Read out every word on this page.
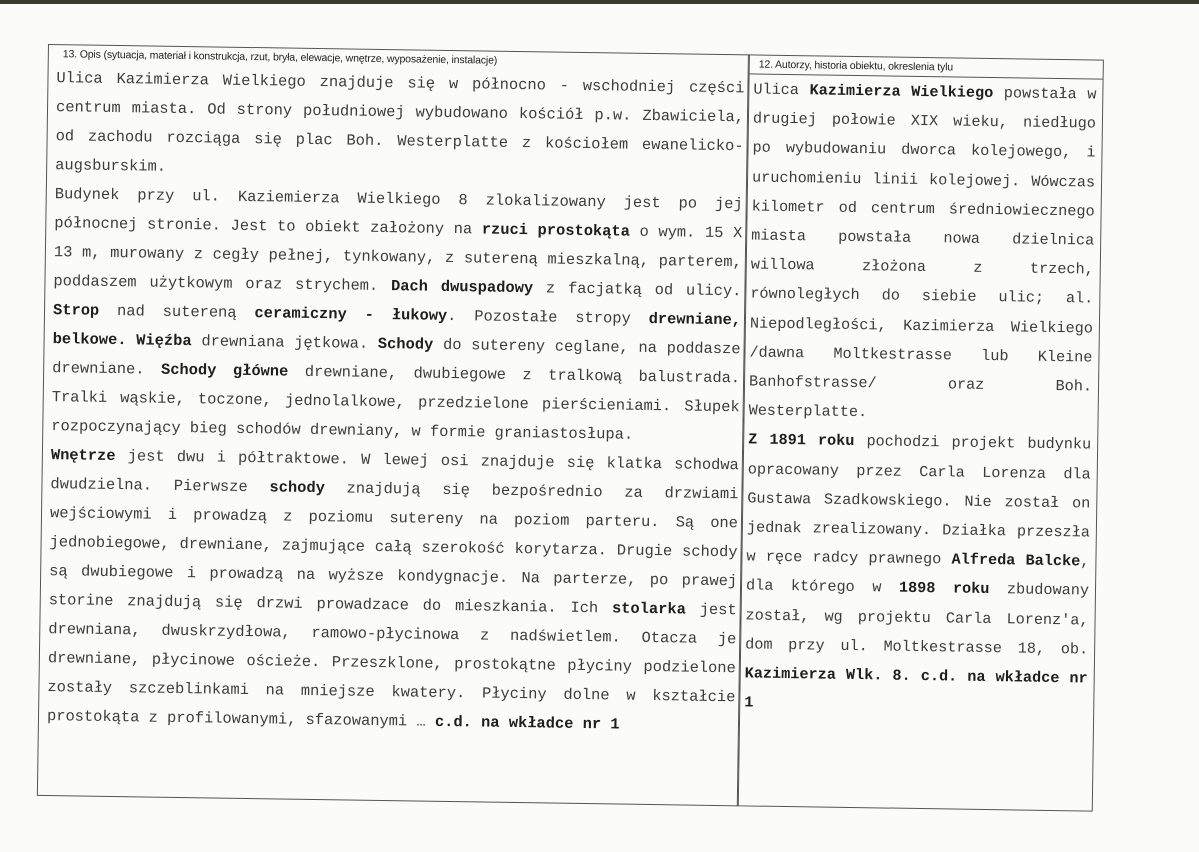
13. Opis (sytuacja, materiał i konstrukcja, rzut, bryła, elewacje, wnętrze, wyposażenie, instalacje)

Ulica Kazimierza Wielkiego znajduje się w północno - wschodniej części centrum miasta. Od strony południowej wybudowano kościół p.w. Zbawiciela, od zachodu rozciąga się plac Boh. Westerplatte z kościołem ewanelicko-augsburskim.

Budynek przy ul. Kaziemierza Wielkiego 8 zlokalizowany jest po jej północnej stronie. Jest to obiekt założony na rzuci prostokąta o wym. 15 X 13 m, murowany z cegły pełnej, tynkowany, z sutereną mieszkalną, parterem, poddaszem użytkowym oraz strychem. Dach dwuspadowy z facjatką od ulicy. Strop nad sutereną ceramiczny - łukowy. Pozostałe stropy drewniane, belkowe. Więźba drewniana jętkowa. Schody do sutereny ceglane, na poddasze drewniane. Schody główne drewniane, dwubiegowe z tralkową balustrada. Tralki wąskie, toczone, jednolalkowe, przedzielone pierścieniami. Słupek rozpoczynający bieg schodów drewniany, w formie graniastosłupa.

Wnętrze jest dwu i półtraktowe. W lewej osi znajduje się klatka schodwa dwudzielna. Pierwsze schody znajdują się bezpośrednio za drzwiami wejściowymi i prowadzą z poziomu sutereny na poziom parteru. Są one jednobiegowe, drewniane, zajmujące całą szerokość korytarza. Drugie schody są dwubiegowe i prowadzą na wyższe kondygnacje. Na parterze, po prawej storine znajdują się drzwi prowadzace do mieszkania. Ich stolarka jest drewniana, dwuskrzydłowa, ramowo-płycinowa z nadświetlem. Otacza je drewniane, płycinowe ościeże. Przeszklone, prostokątne płyciny podzielone zostały szczeblinkami na mniejsze kwatery. Płyciny dolne w kształcie prostokąta z profilowanymi, sfazowanymi … c.d. na wkładce nr 1

12. Autorzy, historia obiektu, okreslenia tylu

Ulica Kazimierza Wielkiego powstała w drugiej połowie XIX wieku, niedługo po wybudowaniu dworca kolejowego, i uruchomieniu linii kolejowej. Wówczas kilometr od centrum średniowiecznego miasta powstała nowa dzielnica willowa złożona z trzech, równoległych do siebie ulic; al. Niepodległości, Kazimierza Wielkiego /dawna Moltkestrasse lub Kleine Banhofstrasse/ oraz Boh. Westerplatte.

Z 1891 roku pochodzi projekt budynku opracowany przez Carla Lorenza dla Gustawa Szadkowskiego. Nie został on jednak zrealizowany. Działka przeszła w ręce radcy prawnego Alfreda Balcke, dla którego w 1898 roku zbudowany został, wg projektu Carla Lorenz'a, dom przy ul. Moltkestrasse 18, ob. Kazimierza Wlk. 8. c.d. na wkładce nr 1
